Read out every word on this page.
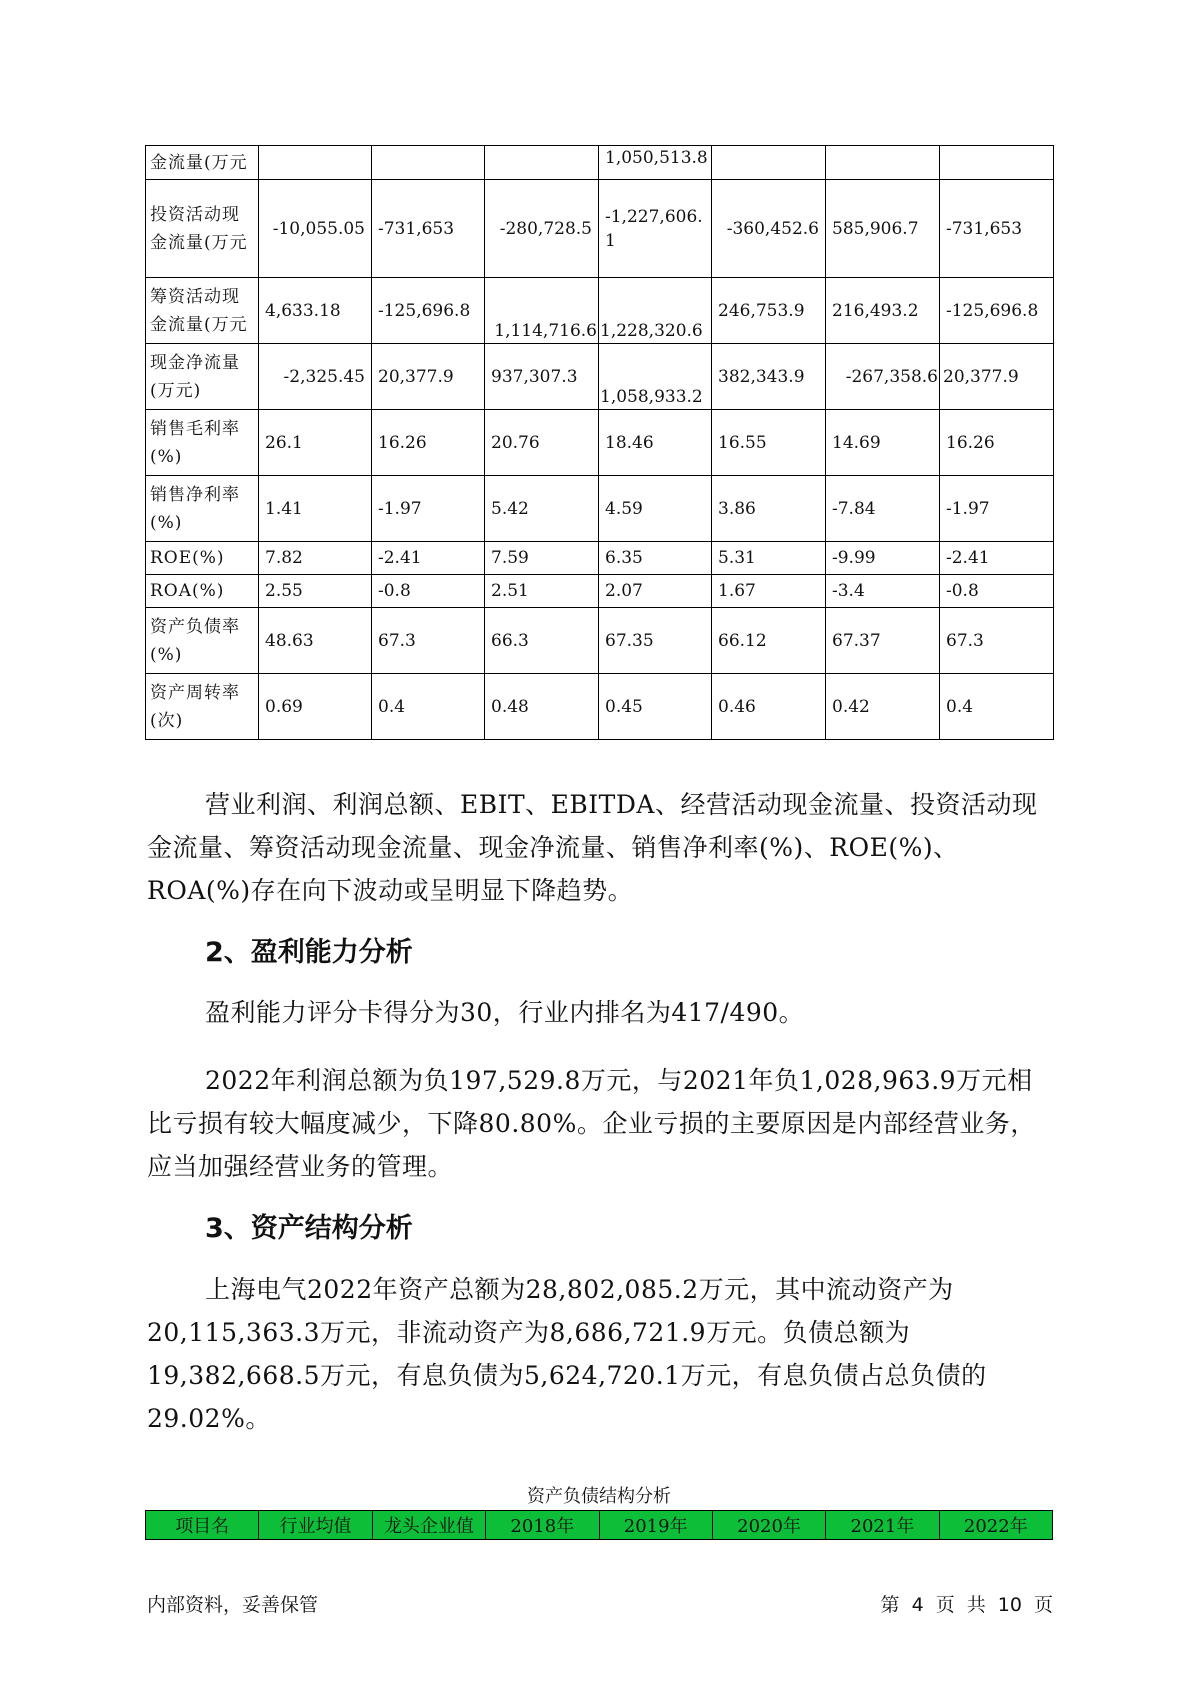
金流量(万元				1,050,513.8			
投资活动现金流量(万元	-10,055.05	-731,653	-280,728.5	-1,227,606.1	-360,452.6	585,906.7	-731,653
筹资活动现金流量(万元	4,633.18	-125,696.8	1,114,716.6	1,228,320.6	246,753.9	216,493.2	-125,696.8
现金净流量(万元)	-2,325.45	20,377.9	937,307.3	1,058,933.2	382,343.9	-267,358.6	20,377.9
销售毛利率(%)	26.1	16.26	20.76	18.46	16.55	14.69	16.26
销售净利率(%)	1.41	-1.97	5.42	4.59	3.86	-7.84	-1.97
ROE(%)	7.82	-2.41	7.59	6.35	5.31	-9.99	-2.41
ROA(%)	2.55	-0.8	2.51	2.07	1.67	-3.4	-0.8
资产负债率(%)	48.63	67.3	66.3	67.35	66.12	67.37	67.3
资产周转率(次)	0.69	0.4	0.48	0.45	0.46	0.42	0.4

营业利润、利润总额、EBIT、EBITDA、经营活动现金流量、投资活动现金流量、筹资活动现金流量、现金净流量、销售净利率(%)、ROE(%)、ROA(%)存在向下波动或呈明显下降趋势。

2、盈利能力分析

盈利能力评分卡得分为30，行业内排名为417/490。

2022年利润总额为负197,529.8万元，与2021年负1,028,963.9万元相比亏损有较大幅度减少，下降80.80%。企业亏损的主要原因是内部经营业务，应当加强经营业务的管理。

3、资产结构分析

上海电气2022年资产总额为28,802,085.2万元，其中流动资产为20,115,363.3万元，非流动资产为8,686,721.9万元。负债总额为19,382,668.5万元，有息负债为5,624,720.1万元，有息负债占总负债的29.02%。

资产负债结构分析
项目名	行业均值	龙头企业值	2018年	2019年	2020年	2021年	2022年
内部资料，妥善保管	第 4 页 共 10 页
